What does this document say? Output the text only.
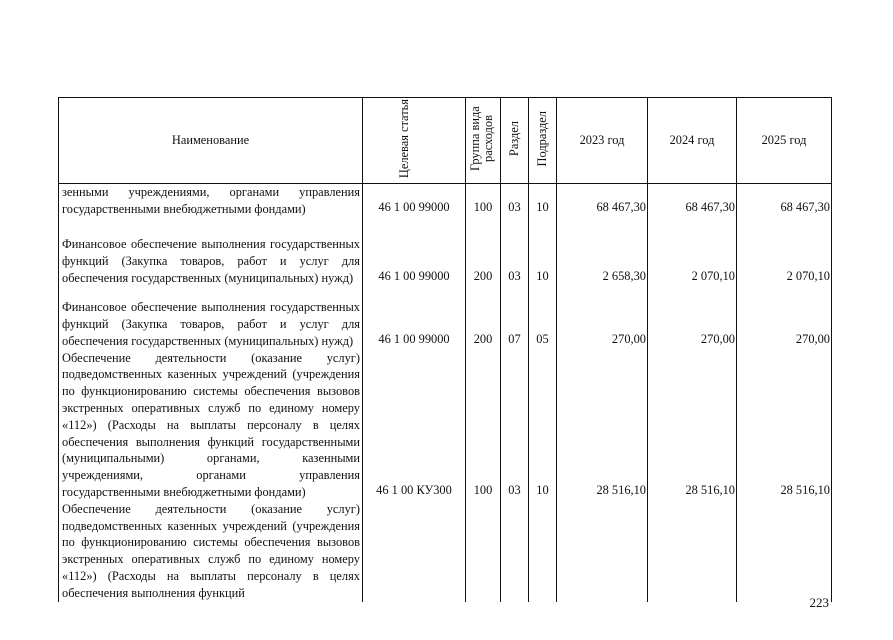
Наименование	Целевая статья	Группа вида расходов	Раздел	Подраздел	2023 год	2024 год	2025 год
зенными учреждениями, органами управления государственными внебюджетными фондами)	46 1 00 99000	100	03	10	68 467,30	68 467,30	68 467,30
Финансовое обеспечение выполнения государственных функций (Закупка товаров, работ и услуг для обеспечения государственных (муниципальных) нужд)	46 1 00 99000	200	03	10	2 658,30	2 070,10	2 070,10
Финансовое обеспечение выполнения государственных функций (Закупка товаров, работ и услуг для обеспечения государственных (муниципальных) нужд)	46 1 00 99000	200	07	05	270,00	270,00	270,00
Обеспечение деятельности (оказание услуг) подведомственных казенных учреждений (учреждения по функционированию системы обеспечения вызовов экстренных оперативных служб по единому номеру «112») (Расходы на выплаты персоналу в целях обеспечения выполнения функций государственными (муниципальными) органами, казенными учреждениями, органами управления государственными внебюджетными фондами)	46 1 00 КУ300	100	03	10	28 516,10	28 516,10	28 516,10
Обеспечение деятельности (оказание услуг) подведомственных казенных учреждений (учреждения по функционированию системы обеспечения вызовов экстренных оперативных служб по единому номеру «112») (Расходы на выплаты персоналу в целях обеспечения выполнения функций							
223
